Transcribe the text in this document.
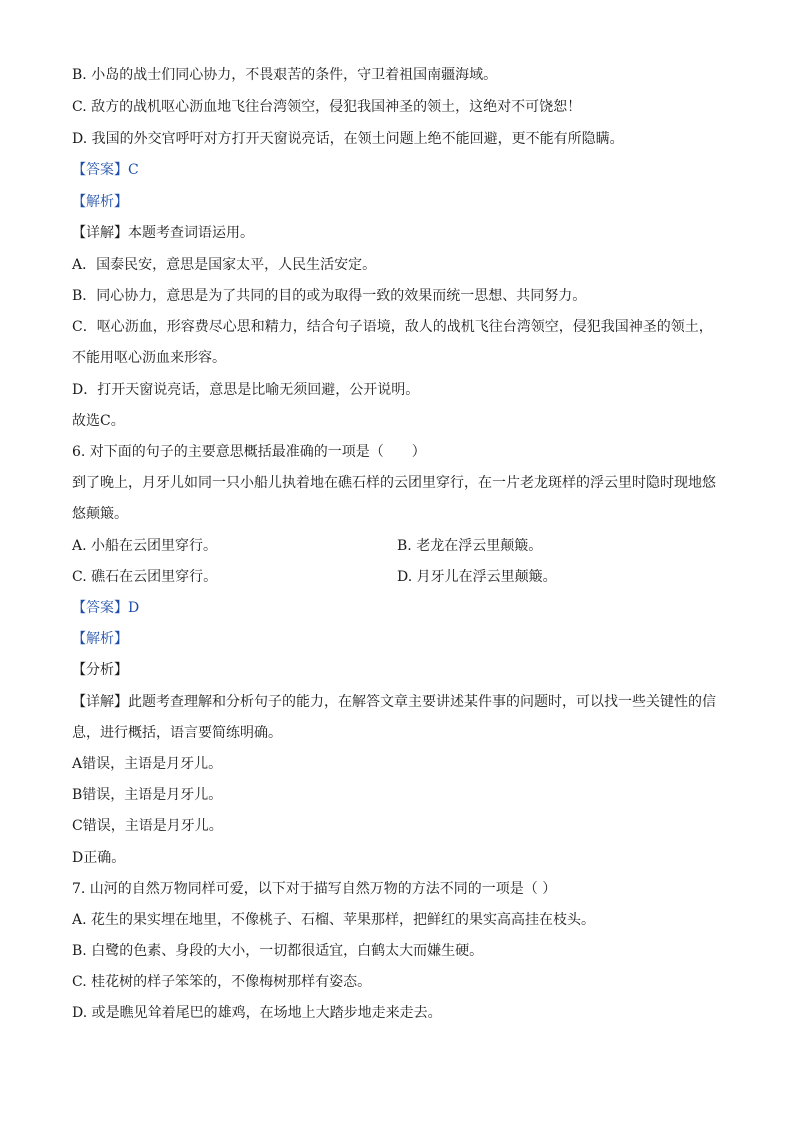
B. 小岛的战士们同心协力，不畏艰苦的条件，守卫着祖国南疆海域。
C. 敌方的战机呕心沥血地飞往台湾领空，侵犯我国神圣的领土，这绝对不可饶恕！
D. 我国的外交官呼吁对方打开天窗说亮话，在领土问题上绝不能回避，更不能有所隐瞒。
【答案】C
【解析】
【详解】本题考查词语运用。
A．国泰民安，意思是国家太平，人民生活安定。
B．同心协力，意思是为了共同的目的或为取得一致的效果而统一思想、共同努力。
C．呕心沥血，形容费尽心思和精力，结合句子语境，敌人的战机飞往台湾领空，侵犯我国神圣的领土，
不能用呕心沥血来形容。
D．打开天窗说亮话，意思是比喻无须回避，公开说明。
故选C。
6. 对下面的句子的主要意思概括最准确的一项是（　　）
到了晚上，月牙儿如同一只小船儿执着地在礁石样的云团里穿行，在一片老龙斑样的浮云里时隐时现地悠
悠颠簸。
A. 小船在云团里穿行。	B. 老龙在浮云里颠簸。
C. 礁石在云团里穿行。	D. 月牙儿在浮云里颠簸。
【答案】D
【解析】
【分析】
【详解】此题考查理解和分析句子的能力，在解答文章主要讲述某件事的问题时，可以找一些关键性的信
息，进行概括，语言要简练明确。
A错误，主语是月牙儿。
B错误，主语是月牙儿。
C错误，主语是月牙儿。
D正确。
7. 山河的自然万物同样可爱，以下对于描写自然万物的方法不同的一项是（ ）
A. 花生的果实埋在地里，不像桃子、石榴、苹果那样，把鲜红的果实高高挂在枝头。
B. 白鹭的色素、身段的大小，一切都很适宜，白鹤太大而嫌生硬。
C. 桂花树的样子笨笨的，不像梅树那样有姿态。
D. 或是瞧见耸着尾巴的雄鸡，在场地上大踏步地走来走去。
